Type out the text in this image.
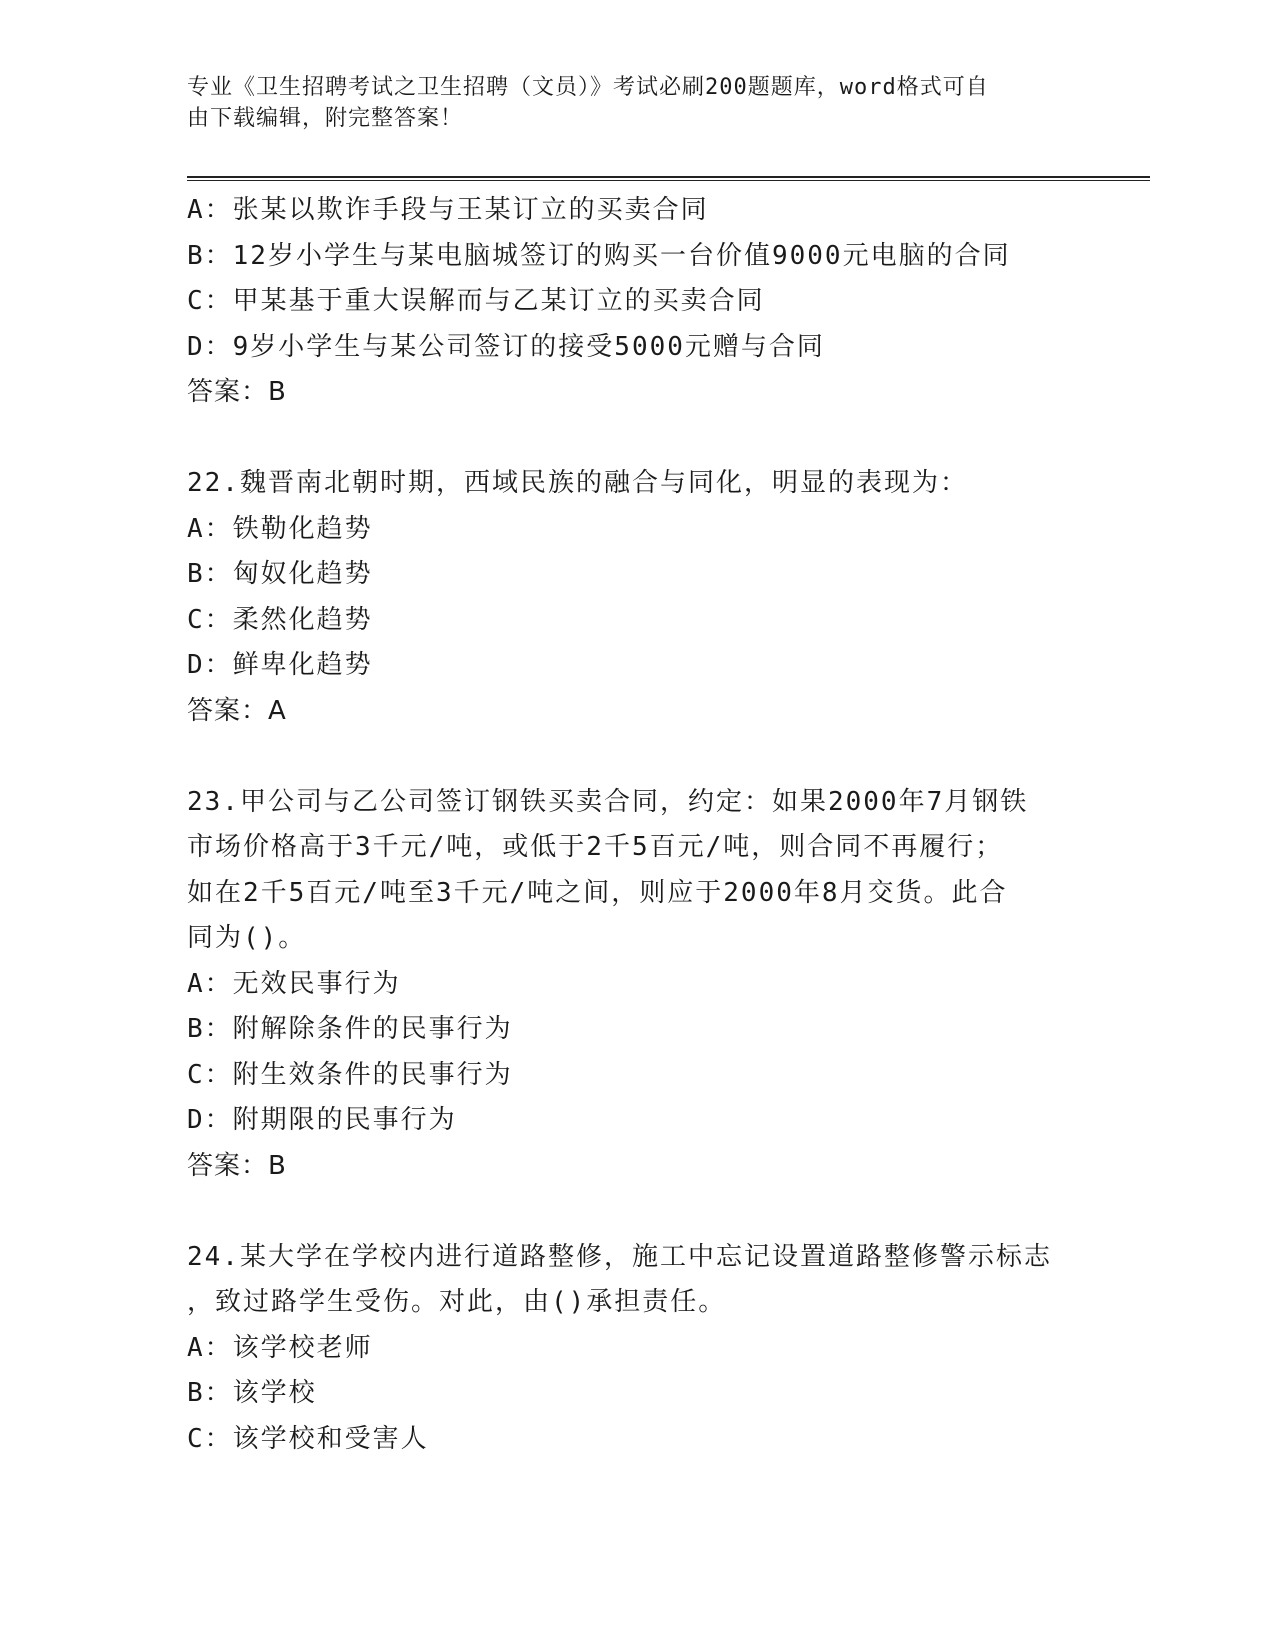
专业《卫生招聘考试之卫生招聘（文员）》考试必刷200题题库，word格式可自
由下载编辑，附完整答案！
A：张某以欺诈手段与王某订立的买卖合同
B：12岁小学生与某电脑城签订的购买一台价值9000元电脑的合同
C：甲某基于重大误解而与乙某订立的买卖合同
D：9岁小学生与某公司签订的接受5000元赠与合同
答案：B
22.魏晋南北朝时期，西域民族的融合与同化，明显的表现为：
A：铁勒化趋势
B：匈奴化趋势
C：柔然化趋势
D：鲜卑化趋势
答案：A
23.甲公司与乙公司签订钢铁买卖合同，约定：如果2000年7月钢铁
市场价格高于3千元/吨，或低于2千5百元/吨，则合同不再履行；
如在2千5百元/吨至3千元/吨之间，则应于2000年8月交货。此合
同为()。
A：无效民事行为
B：附解除条件的民事行为
C：附生效条件的民事行为
D：附期限的民事行为
答案：B
24.某大学在学校内进行道路整修，施工中忘记设置道路整修警示标志
，致过路学生受伤。对此，由()承担责任。
A：该学校老师
B：该学校
C：该学校和受害人
